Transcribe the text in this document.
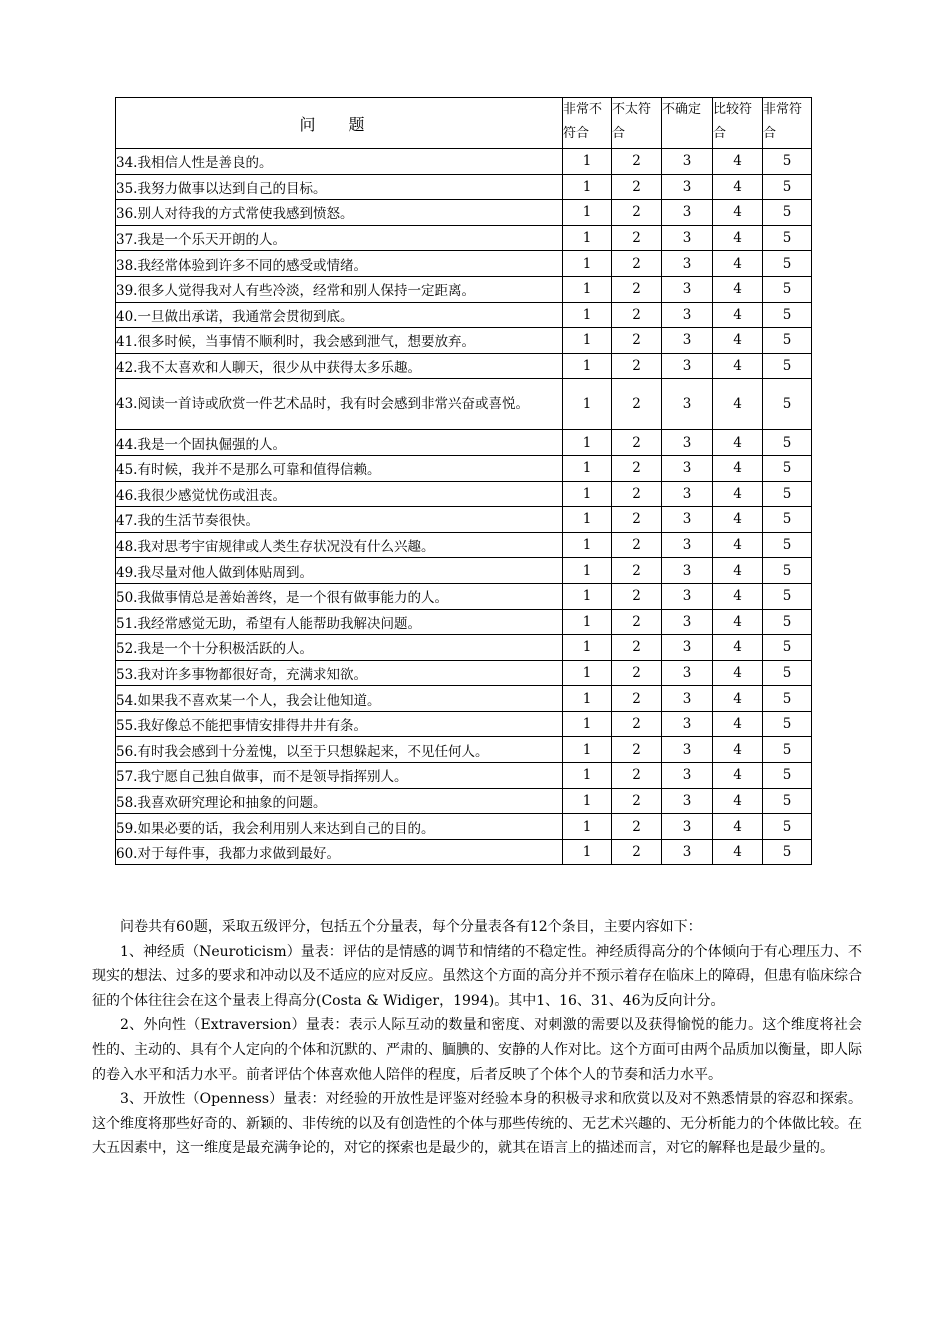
问 题	非常不符合	不太符合	不确定	比较符合	非常符合
34.我相信人性是善良的。	1	2	3	4	5
35.我努力做事以达到自己的目标。	1	2	3	4	5
36.别人对待我的方式常使我感到愤怒。	1	2	3	4	5
37.我是一个乐天开朗的人。	1	2	3	4	5
38.我经常体验到许多不同的感受或情绪。	1	2	3	4	5
39.很多人觉得我对人有些冷淡，经常和别人保持一定距离。	1	2	3	4	5
40.一旦做出承诺，我通常会贯彻到底。	1	2	3	4	5
41.很多时候，当事情不顺利时，我会感到泄气，想要放弃。	1	2	3	4	5
42.我不太喜欢和人聊天，很少从中获得太多乐趣。	1	2	3	4	5
43.阅读一首诗或欣赏一件艺术品时，我有时会感到非常兴奋或喜悦。	1	2	3	4	5
44.我是一个固执倔强的人。	1	2	3	4	5
45.有时候，我并不是那么可靠和值得信赖。	1	2	3	4	5
46.我很少感觉忧伤或沮丧。	1	2	3	4	5
47.我的生活节奏很快。	1	2	3	4	5
48.我对思考宇宙规律或人类生存状况没有什么兴趣。	1	2	3	4	5
49.我尽量对他人做到体贴周到。	1	2	3	4	5
50.我做事情总是善始善终，是一个很有做事能力的人。	1	2	3	4	5
51.我经常感觉无助，希望有人能帮助我解决问题。	1	2	3	4	5
52.我是一个十分积极活跃的人。	1	2	3	4	5
53.我对许多事物都很好奇，充满求知欲。	1	2	3	4	5
54.如果我不喜欢某一个人，我会让他知道。	1	2	3	4	5
55.我好像总不能把事情安排得井井有条。	1	2	3	4	5
56.有时我会感到十分羞愧，以至于只想躲起来，不见任何人。	1	2	3	4	5
57.我宁愿自己独自做事，而不是领导指挥别人。	1	2	3	4	5
58.我喜欢研究理论和抽象的问题。	1	2	3	4	5
59.如果必要的话，我会利用别人来达到自己的目的。	1	2	3	4	5
60.对于每件事，我都力求做到最好。	1	2	3	4	5

问卷共有60题，采取五级评分，包括五个分量表，每个分量表各有12个条目，主要内容如下：

1、神经质（Neuroticism）量表：评估的是情感的调节和情绪的不稳定性。神经质得高分的个体倾向于有心理压力、不现实的想法、过多的要求和冲动以及不适应的应对反应。虽然这个方面的高分并不预示着存在临床上的障碍，但患有临床综合征的个体往往会在这个量表上得高分(Costa & Widiger，1994)。其中1、16、31、46为反向计分。

2、外向性（Extraversion）量表：表示人际互动的数量和密度、对刺激的需要以及获得愉悦的能力。这个维度将社会性的、主动的、具有个人定向的个体和沉默的、严肃的、腼腆的、安静的人作对比。这个方面可由两个品质加以衡量，即人际的卷入水平和活力水平。前者评估个体喜欢他人陪伴的程度，后者反映了个体个人的节奏和活力水平。

3、开放性（Openness）量表：对经验的开放性是评鉴对经验本身的积极寻求和欣赏以及对不熟悉情景的容忍和探索。这个维度将那些好奇的、新颖的、非传统的以及有创造性的个体与那些传统的、无艺术兴趣的、无分析能力的个体做比较。在大五因素中，这一维度是最充满争论的，对它的探索也是最少的，就其在语言上的描述而言，对它的解释也是最少量的。
